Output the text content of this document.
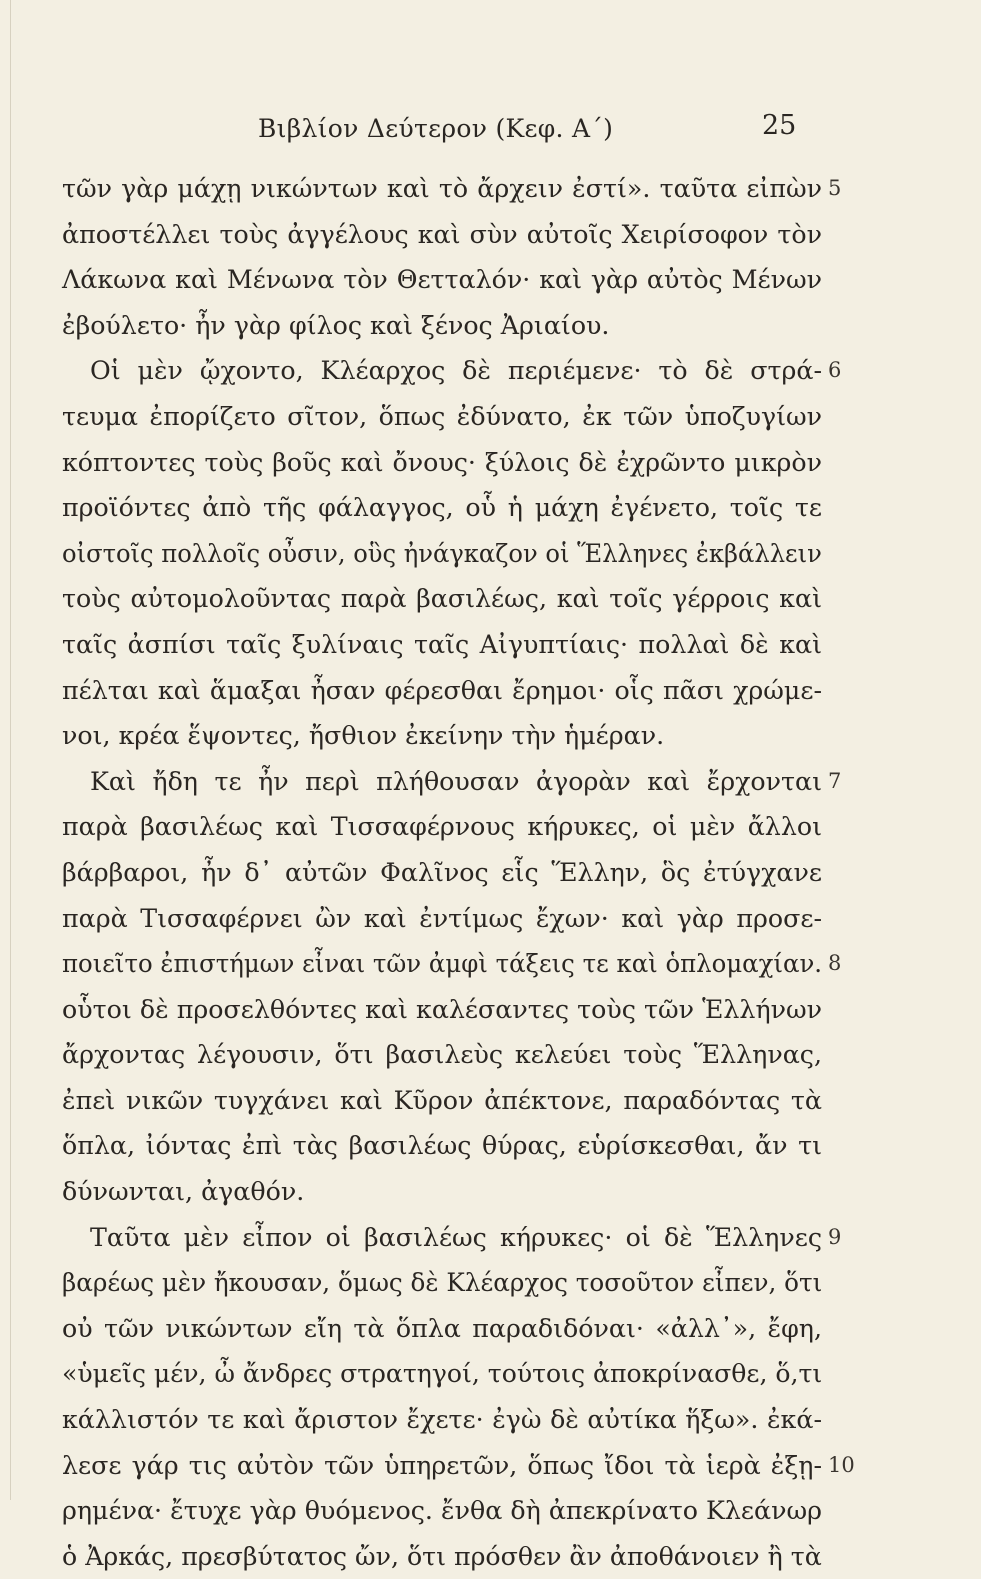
Βιβλίον Δεύτερον (Κεφ. Α΄)	25
τῶν γὰρ μάχῃ νικώντων καὶ τὸ ἄρχειν ἐστί». ταῦτα εἰπὼν 5
ἀποστέλλει τοὺς ἀγγέλους καὶ σὺν αὐτοῖς Χειρίσοφον τὸν
Λάκωνα καὶ Μένωνα τὸν Θετταλόν· καὶ γὰρ αὐτὸς Μένων
ἐβούλετο· ἦν γὰρ φίλος καὶ ξένος Ἀριαίου.
Οἱ μὲν ᾤχοντο, Κλέαρχος δὲ περιέμενε· τὸ δὲ στρά- 6
τευμα ἐπορίζετο σῖτον, ὅπως ἐδύνατο, ἐκ τῶν ὑποζυγίων
κόπτοντες τοὺς βοῦς καὶ ὄνους· ξύλοις δὲ ἐχρῶντο μικρὸν
προϊόντες ἀπὸ τῆς φάλαγγος, οὗ ἡ μάχη ἐγένετο, τοῖς τε
οἰστοῖς πολλοῖς οὖσιν, οὓς ἠνάγκαζον οἱ Ἕλληνες ἐκβάλλειν
τοὺς αὐτομολοῦντας παρὰ βασιλέως, καὶ τοῖς γέρροις καὶ
ταῖς ἀσπίσι ταῖς ξυλίναις ταῖς Αἰγυπτίαις· πολλαὶ δὲ καὶ
πέλται καὶ ἅμαξαι ἦσαν φέρεσθαι ἔρημοι· οἷς πᾶσι χρώμε-
νοι, κρέα ἕψοντες, ἤσθιον ἐκείνην τὴν ἡμέραν.
Καὶ ἤδη τε ἦν περὶ πλήθουσαν ἀγορὰν καὶ ἔρχονται 7
παρὰ βασιλέως καὶ Τισσαφέρνους κήρυκες, οἱ μὲν ἄλλοι
βάρβαροι, ἦν δ᾽ αὐτῶν Φαλῖνος εἷς Ἕλλην, ὃς ἐτύγχανε
παρὰ Τισσαφέρνει ὢν καὶ ἐντίμως ἔχων· καὶ γὰρ προσε-
ποιεῖτο ἐπιστήμων εἶναι τῶν ἀμφὶ τάξεις τε καὶ ὁπλομαχίαν. 8
οὗτοι δὲ προσελθόντες καὶ καλέσαντες τοὺς τῶν Ἑλλήνων
ἄρχοντας λέγουσιν, ὅτι βασιλεὺς κελεύει τοὺς Ἕλληνας,
ἐπεὶ νικῶν τυγχάνει καὶ Κῦρον ἀπέκτονε, παραδόντας τὰ
ὅπλα, ἰόντας ἐπὶ τὰς βασιλέως θύρας, εὑρίσκεσθαι, ἄν τι
δύνωνται, ἀγαθόν.
Ταῦτα μὲν εἶπον οἱ βασιλέως κήρυκες· οἱ δὲ Ἕλληνες 9
βαρέως μὲν ἤκουσαν, ὅμως δὲ Κλέαρχος τοσοῦτον εἶπεν, ὅτι
οὐ τῶν νικώντων εἴη τὰ ὅπλα παραδιδόναι· «ἀλλ᾽», ἔφη,
«ὑμεῖς μέν, ὦ ἄνδρες στρατηγοί, τούτοις ἀποκρίνασθε, ὅ,τι
κάλλιστόν τε καὶ ἄριστον ἔχετε· ἐγὼ δὲ αὐτίκα ἥξω». ἐκά-
λεσε γάρ τις αὐτὸν τῶν ὑπηρετῶν, ὅπως ἴδοι τὰ ἱερὰ ἐξῃ- 10
ρημένα· ἔτυχε γὰρ θυόμενος. ἔνθα δὴ ἀπεκρίνατο Κλεάνωρ
ὁ Ἀρκάς, πρεσβύτατος ὤν, ὅτι πρόσθεν ἂν ἀποθάνοιεν ἢ τὰ
